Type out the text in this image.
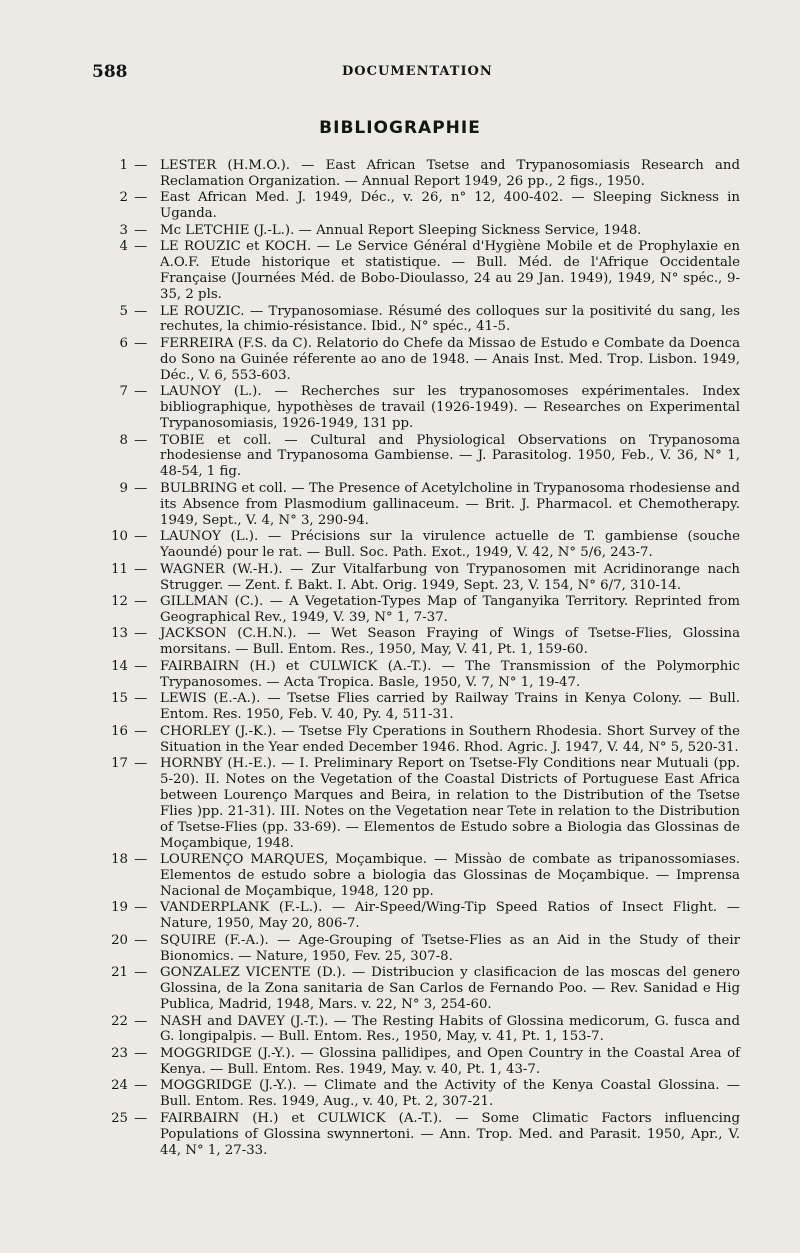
588	DOCUMENTATION
BIBLIOGRAPHIE
1 — LESTER (H.M.O.). — East African Tsetse and Trypanosomiasis Research and Reclamation Organization. — Annual Report 1949, 26 pp., 2 figs., 1950.
2 — East African Med. J. 1949, Déc., v. 26, n° 12, 400-402. — Sleeping Sickness in Uganda.
3 — Mc LETCHIE (J.-L.). — Annual Report Sleeping Sickness Service, 1948.
4 — LE ROUZIC et KOCH. — Le Service Général d'Hygiène Mobile et de Prophylaxie en A.O.F. Etude historique et statistique. — Bull. Méd. de l'Afrique Occidentale Française (Journées Méd. de Bobo-Dioulasso, 24 au 29 Jan. 1949), 1949, N° spéc., 9-35, 2 pls.
5 — LE ROUZIC. — Trypanosomiase. Résumé des colloques sur la positivité du sang, les rechutes, la chimio-résistance. Ibid., N° spéc., 41-5.
6 — FERREIRA (F.S. da C). Relatorio do Chefe da Missao de Estudo e Combate da Doenca do Sono na Guinée réferente ao ano de 1948. — Anais Inst. Med. Trop. Lisbon. 1949, Déc., V. 6, 553-603.
7 — LAUNOY (L.). — Recherches sur les trypanosomoses expérimentales. Index bibliographique, hypothèses de travail (1926-1949). — Researches on Experimental Trypanosomiasis, 1926-1949, 131 pp.
8 — TOBIE et coll. — Cultural and Physiological Observations on Trypanosoma rhodesiense and Trypanosoma Gambiense. — J. Parasitolog. 1950, Feb., V. 36, N° 1, 48-54, 1 fig.
9 — BULBRING et coll. — The Presence of Acetylcholine in Trypanosoma rhodesiense and its Absence from Plasmodium gallinaceum. — Brit. J. Pharmacol. et Chemotherapy. 1949, Sept., V. 4, N° 3, 290-94.
10 — LAUNOY (L.). — Précisions sur la virulence actuelle de T. gambiense (souche Yaoundé) pour le rat. — Bull. Soc. Path. Exot., 1949, V. 42, N° 5/6, 243-7.
11 — WAGNER (W.-H.). — Zur Vitalfarbung von Trypanosomen mit Acridinorange nach Strugger. — Zent. f. Bakt. I. Abt. Orig. 1949, Sept. 23, V. 154, N° 6/7, 310-14.
12 — GILLMAN (C.). — A Vegetation-Types Map of Tanganyika Territory. Reprinted from Geographical Rev., 1949, V. 39, N° 1, 7-37.
13 — JACKSON (C.H.N.). — Wet Season Fraying of Wings of Tsetse-Flies, Glossina morsitans. — Bull. Entom. Res., 1950, May, V. 41, Pt. 1, 159-60.
14 — FAIRBAIRN (H.) et CULWICK (A.-T.). — The Transmission of the Polymorphic Trypanosomes. — Acta Tropica. Basle, 1950, V. 7, N° 1, 19-47.
15 — LEWIS (E.-A.). — Tsetse Flies carried by Railway Trains in Kenya Colony. — Bull. Entom. Res. 1950, Feb. V. 40, Py. 4, 511-31.
16 — CHORLEY (J.-K.). — Tsetse Fly Cperations in Southern Rhodesia. Short Survey of the Situation in the Year ended December 1946. Rhod. Agric. J. 1947, V. 44, N° 5, 520-31.
17 — HORNBY (H.-E.). — I. Preliminary Report on Tsetse-Fly Conditions near Mutuali (pp. 5-20). II. Notes on the Vegetation of the Coastal Districts of Portuguese East Africa between Lourenço Marques and Beira, in relation to the Distribution of the Tsetse Flies )pp. 21-31). III. Notes on the Vegetation near Tete in relation to the Distribution of Tsetse-Flies (pp. 33-69). — Elementos de Estudo sobre a Biologia das Glossinas de Moçambique, 1948.
18 — LOURENÇO MARQUES, Moçambique. — Missào de combate as tripanossomiases. Elementos de estudo sobre a biologia das Glossinas de Moçambique. — Imprensa Nacional de Moçambique, 1948, 120 pp.
19 — VANDERPLANK (F.-L.). — Air-Speed/Wing-Tip Speed Ratios of Insect Flight. — Nature, 1950, May 20, 806-7.
20 — SQUIRE (F.-A.). — Age-Grouping of Tsetse-Flies as an Aid in the Study of their Bionomics. — Nature, 1950, Fev. 25, 307-8.
21 — GONZALEZ VICENTE (D.). — Distribucion y clasificacion de las moscas del genero Glossina, de la Zona sanitaria de San Carlos de Fernando Poo. — Rev. Sanidad e Hig Publica, Madrid, 1948, Mars. v. 22, N° 3, 254-60.
22 — NASH and DAVEY (J.-T.). — The Resting Habits of Glossina medicorum, G. fusca and G. longipalpis. — Bull. Entom. Res., 1950, May, v. 41, Pt. 1, 153-7.
23 — MOGGRIDGE (J.-Y.). — Glossina pallidipes, and Open Country in the Coastal Area of Kenya. — Bull. Entom. Res. 1949, May. v. 40, Pt. 1, 43-7.
24 — MOGGRIDGE (J.-Y.). — Climate and the Activity of the Kenya Coastal Glossina. — Bull. Entom. Res. 1949, Aug., v. 40, Pt. 2, 307-21.
25 — FAIRBAIRN (H.) et CULWICK (A.-T.). — Some Climatic Factors influencing Populations of Glossina swynnertoni. — Ann. Trop. Med. and Parasit. 1950, Apr., V. 44, N° 1, 27-33.
